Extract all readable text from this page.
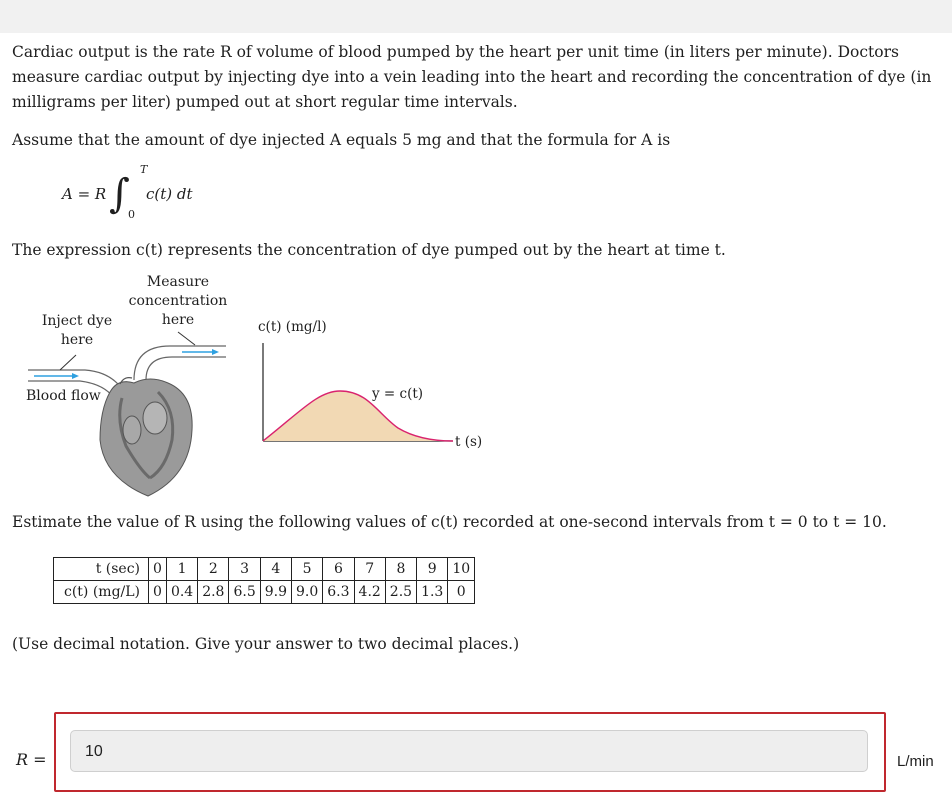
Cardiac output is the rate R of volume of blood pumped by the heart per unit time (in liters per minute). Doctors measure cardiac output by injecting dye into a vein leading into the heart and recording the concentration of dye (in milligrams per liter) pumped out at short regular time intervals.

Assume that the amount of dye injected A equals 5 mg and that the formula for A is

A = R ∫
T
0
c(t) dt

The expression c(t) represents the concentration of dye pumped out by the heart at time t.

Measure concentration here
Inject dye here
Blood flow
c(t) (mg/l)
y = c(t)
t (s)

Estimate the value of R using the following values of c(t) recorded at one-second intervals from t = 0 to t = 10.

t (sec)	0	1	2	3	4	5	6	7	8	9	10
c(t) (mg/L)	0	0.4	2.8	6.5	9.9	9.0	6.3	4.2	2.5	1.3	0

(Use decimal notation. Give your answer to two decimal places.)

10
R =	L/min
